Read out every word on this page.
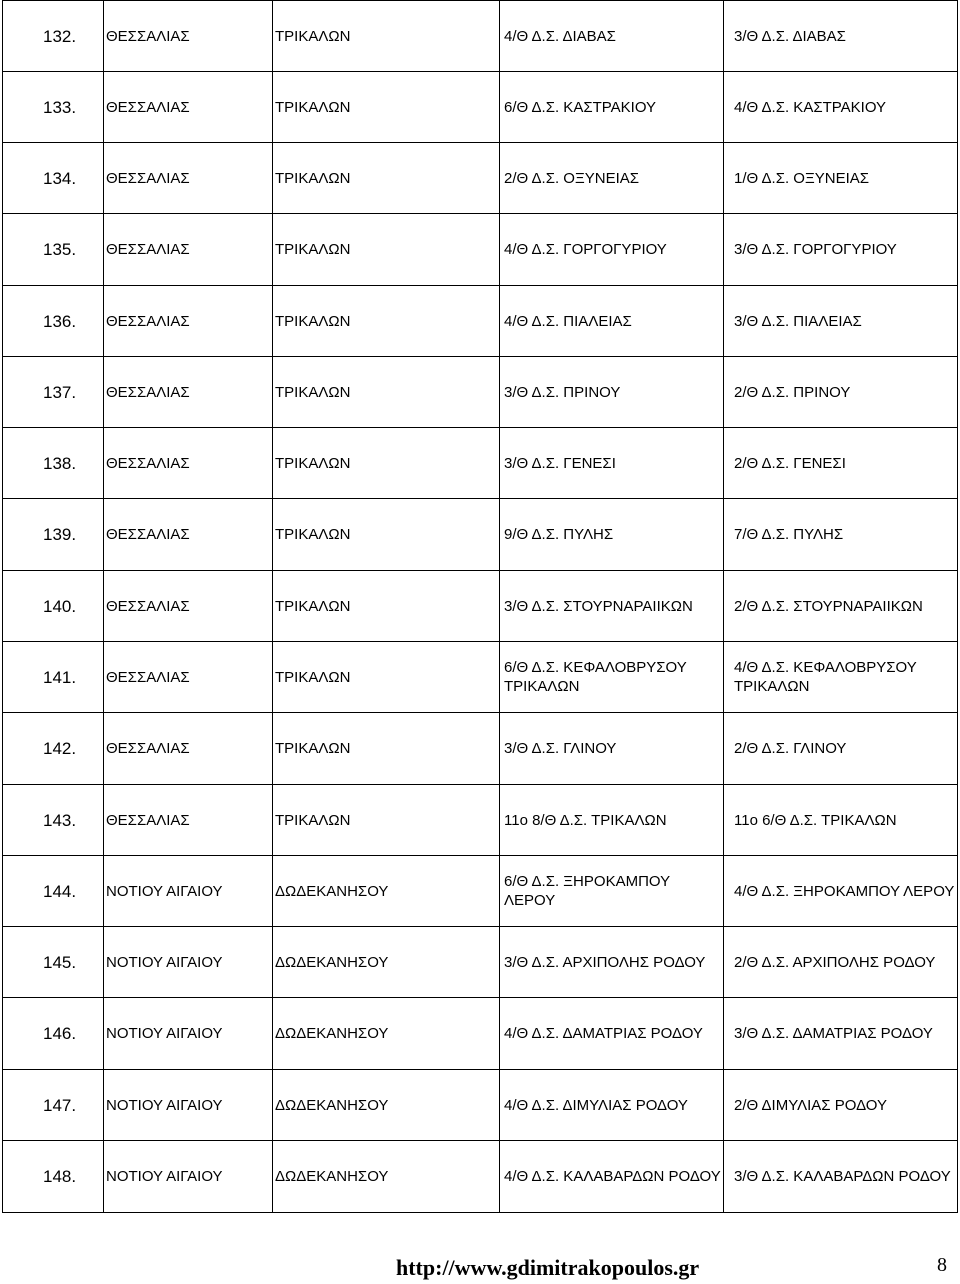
132.	ΘΕΣΣΑΛΙΑΣ	ΤΡΙΚΑΛΩΝ	4/Θ Δ.Σ. ΔΙΑΒΑΣ	3/Θ Δ.Σ. ΔΙΑΒΑΣ
133.	ΘΕΣΣΑΛΙΑΣ	ΤΡΙΚΑΛΩΝ	6/Θ Δ.Σ. ΚΑΣΤΡΑΚΙΟΥ	4/Θ Δ.Σ. ΚΑΣΤΡΑΚΙΟΥ
134.	ΘΕΣΣΑΛΙΑΣ	ΤΡΙΚΑΛΩΝ	2/Θ Δ.Σ. ΟΞΥΝΕΙΑΣ	1/Θ Δ.Σ. ΟΞΥΝΕΙΑΣ
135.	ΘΕΣΣΑΛΙΑΣ	ΤΡΙΚΑΛΩΝ	4/Θ Δ.Σ. ΓΟΡΓΟΓΥΡΙΟΥ	3/Θ Δ.Σ. ΓΟΡΓΟΓΥΡΙΟΥ
136.	ΘΕΣΣΑΛΙΑΣ	ΤΡΙΚΑΛΩΝ	4/Θ Δ.Σ. ΠΙΑΛΕΙΑΣ	3/Θ Δ.Σ. ΠΙΑΛΕΙΑΣ
137.	ΘΕΣΣΑΛΙΑΣ	ΤΡΙΚΑΛΩΝ	3/Θ Δ.Σ. ΠΡΙΝΟΥ	2/Θ Δ.Σ. ΠΡΙΝΟΥ
138.	ΘΕΣΣΑΛΙΑΣ	ΤΡΙΚΑΛΩΝ	3/Θ Δ.Σ. ΓΕΝΕΣΙ	2/Θ Δ.Σ. ΓΕΝΕΣΙ
139.	ΘΕΣΣΑΛΙΑΣ	ΤΡΙΚΑΛΩΝ	9/Θ Δ.Σ. ΠΥΛΗΣ	7/Θ Δ.Σ. ΠΥΛΗΣ
140.	ΘΕΣΣΑΛΙΑΣ	ΤΡΙΚΑΛΩΝ	3/Θ Δ.Σ. ΣΤΟΥΡΝΑΡΑΙΙΚΩΝ	2/Θ Δ.Σ. ΣΤΟΥΡΝΑΡΑΙΙΚΩΝ
141.	ΘΕΣΣΑΛΙΑΣ	ΤΡΙΚΑΛΩΝ	6/Θ Δ.Σ. ΚΕΦΑΛΟΒΡΥΣΟΥ ΤΡΙΚΑΛΩΝ	4/Θ Δ.Σ. ΚΕΦΑΛΟΒΡΥΣΟΥ ΤΡΙΚΑΛΩΝ
142.	ΘΕΣΣΑΛΙΑΣ	ΤΡΙΚΑΛΩΝ	3/Θ Δ.Σ. ΓΛΙΝΟΥ	2/Θ Δ.Σ. ΓΛΙΝΟΥ
143.	ΘΕΣΣΑΛΙΑΣ	ΤΡΙΚΑΛΩΝ	11ο 8/Θ Δ.Σ. ΤΡΙΚΑΛΩΝ	11ο 6/Θ Δ.Σ. ΤΡΙΚΑΛΩΝ
144.	ΝΟΤΙΟΥ ΑΙΓΑΙΟΥ	ΔΩΔΕΚΑΝΗΣΟΥ	6/Θ Δ.Σ. ΞΗΡΟΚΑΜΠΟΥ ΛΕΡΟΥ	4/Θ Δ.Σ. ΞΗΡΟΚΑΜΠΟΥ ΛΕΡΟΥ
145.	ΝΟΤΙΟΥ ΑΙΓΑΙΟΥ	ΔΩΔΕΚΑΝΗΣΟΥ	3/Θ Δ.Σ. ΑΡΧΙΠΟΛΗΣ ΡΟΔΟΥ	2/Θ Δ.Σ. ΑΡΧΙΠΟΛΗΣ ΡΟΔΟΥ
146.	ΝΟΤΙΟΥ ΑΙΓΑΙΟΥ	ΔΩΔΕΚΑΝΗΣΟΥ	4/Θ Δ.Σ. ΔΑΜΑΤΡΙΑΣ ΡΟΔΟΥ	3/Θ Δ.Σ. ΔΑΜΑΤΡΙΑΣ ΡΟΔΟΥ
147.	ΝΟΤΙΟΥ ΑΙΓΑΙΟΥ	ΔΩΔΕΚΑΝΗΣΟΥ	4/Θ Δ.Σ. ΔΙΜΥΛΙΑΣ ΡΟΔΟΥ	2/Θ ΔΙΜΥΛΙΑΣ ΡΟΔΟΥ
148.	ΝΟΤΙΟΥ ΑΙΓΑΙΟΥ	ΔΩΔΕΚΑΝΗΣΟΥ	4/Θ Δ.Σ. ΚΑΛΑΒΑΡΔΩΝ ΡΟΔΟΥ	3/Θ Δ.Σ. ΚΑΛΑΒΑΡΔΩΝ ΡΟΔΟΥ
http://www.gdimitrakopoulos.gr	8
